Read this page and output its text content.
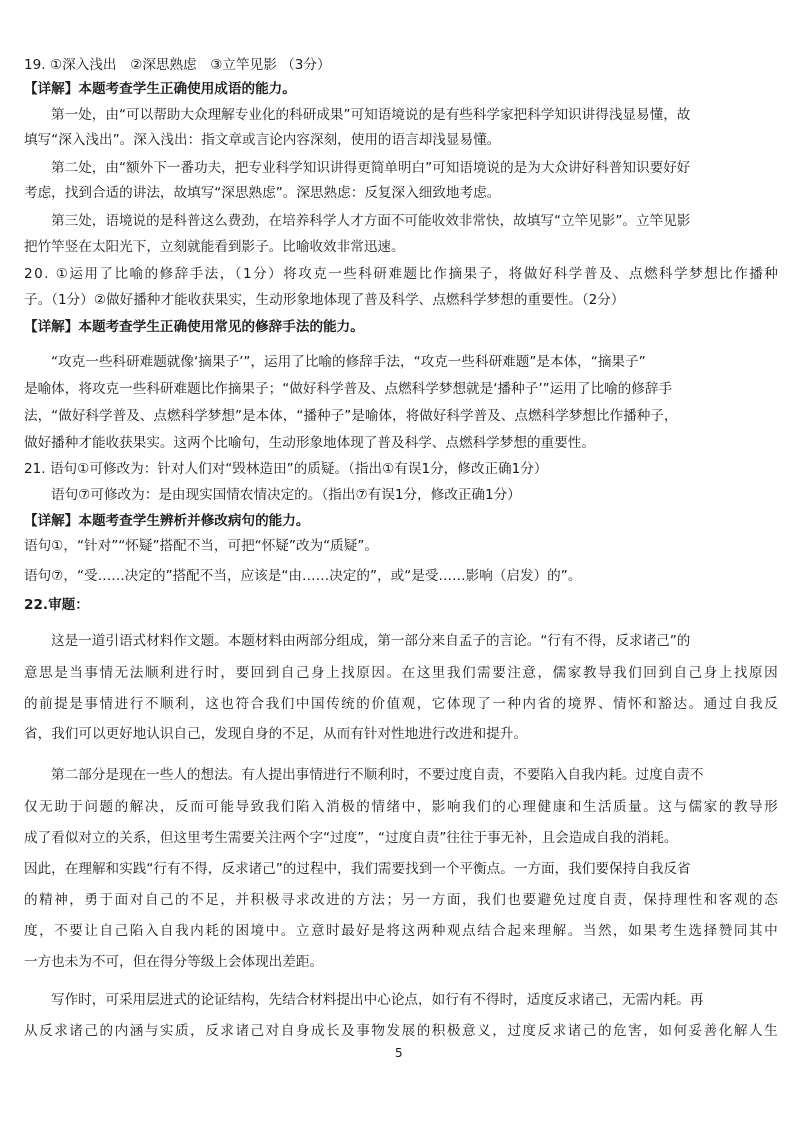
19. ①深入浅出　②深思熟虑　③立竿见影 （3分）

【详解】本题考查学生正确使用成语的能力。

第一处，由“可以帮助大众理解专业化的科研成果”可知语境说的是有些科学家把科学知识讲得浅显易懂，故

填写“深入浅出”。深入浅出：指文章或言论内容深刻，使用的语言却浅显易懂。

第二处，由“额外下一番功夫，把专业科学知识讲得更简单明白”可知语境说的是为大众讲好科普知识要好好

考虑，找到合适的讲法，故填写“深思熟虑”。深思熟虑：反复深入细致地考虑。

第三处，语境说的是科普这么费劲，在培养科学人才方面不可能收效非常快，故填写“立竿见影”。立竿见影

把竹竿竖在太阳光下，立刻就能看到影子。比喻收效非常迅速。

20. ①运用了比喻的修辞手法，（1分）将攻克一些科研难题比作摘果子，将做好科学普及、点燃科学梦想比作播种

子。（1分）②做好播种才能收获果实，生动形象地体现了普及科学、点燃科学梦想的重要性。（2分）

【详解】本题考查学生正确使用常见的修辞手法的能力。

“攻克一些科研难题就像‘摘果子’”，运用了比喻的修辞手法，“攻克一些科研难题”是本体，“摘果子”

是喻体，将攻克一些科研难题比作摘果子；“做好科学普及、点燃科学梦想就是‘播种子’”运用了比喻的修辞手

法，“做好科学普及、点燃科学梦想”是本体，“播种子”是喻体，将做好科学普及、点燃科学梦想比作播种子，

做好播种才能收获果实。这两个比喻句，生动形象地体现了普及科学、点燃科学梦想的重要性。

21. 语句①可修改为：针对人们对“毁林造田”的质疑。（指出①有误1分，修改正确1分）

语句⑦可修改为：是由现实国情农情决定的。（指出⑦有误1分，修改正确1分）

【详解】本题考查学生辨析并修改病句的能力。

语句①，“针对”“怀疑”搭配不当，可把“怀疑”改为“质疑”。

语句⑦，“受……决定的”搭配不当，应该是“由……决定的”，或“是受……影响（启发）的”。

22.审题：

这是一道引语式材料作文题。本题材料由两部分组成，第一部分来自孟子的言论。“行有不得，反求诸己”的

意思是当事情无法顺利进行时，要回到自己身上找原因。在这里我们需要注意，儒家教导我们回到自己身上找原因

的前提是事情进行不顺利，这也符合我们中国传统的价值观，它体现了一种内省的境界、情怀和豁达。通过自我反

省，我们可以更好地认识自己，发现自身的不足，从而有针对性地进行改进和提升。

第二部分是现在一些人的想法。有人提出事情进行不顺利时，不要过度自责，不要陷入自我内耗。过度自责不

仅无助于问题的解决，反而可能导致我们陷入消极的情绪中，影响我们的心理健康和生活质量。这与儒家的教导形

成了看似对立的关系，但这里考生需要关注两个字“过度”，“过度自责”往往于事无补，且会造成自我的消耗。

因此，在理解和实践“行有不得，反求诸己”的过程中，我们需要找到一个平衡点。一方面，我们要保持自我反省

的精神，勇于面对自己的不足，并积极寻求改进的方法；另一方面，我们也要避免过度自责，保持理性和客观的态

度，不要让自己陷入自我内耗的困境中。立意时最好是将这两种观点结合起来理解。当然，如果考生选择赞同其中

一方也未为不可，但在得分等级上会体现出差距。

写作时，可采用层进式的论证结构，先结合材料提出中心论点，如行有不得时，适度反求诸己，无需内耗。再

从反求诸己的内涵与实质，反求诸己对自身成长及事物发展的积极意义，过度反求诸己的危害，如何妥善化解人生

5
